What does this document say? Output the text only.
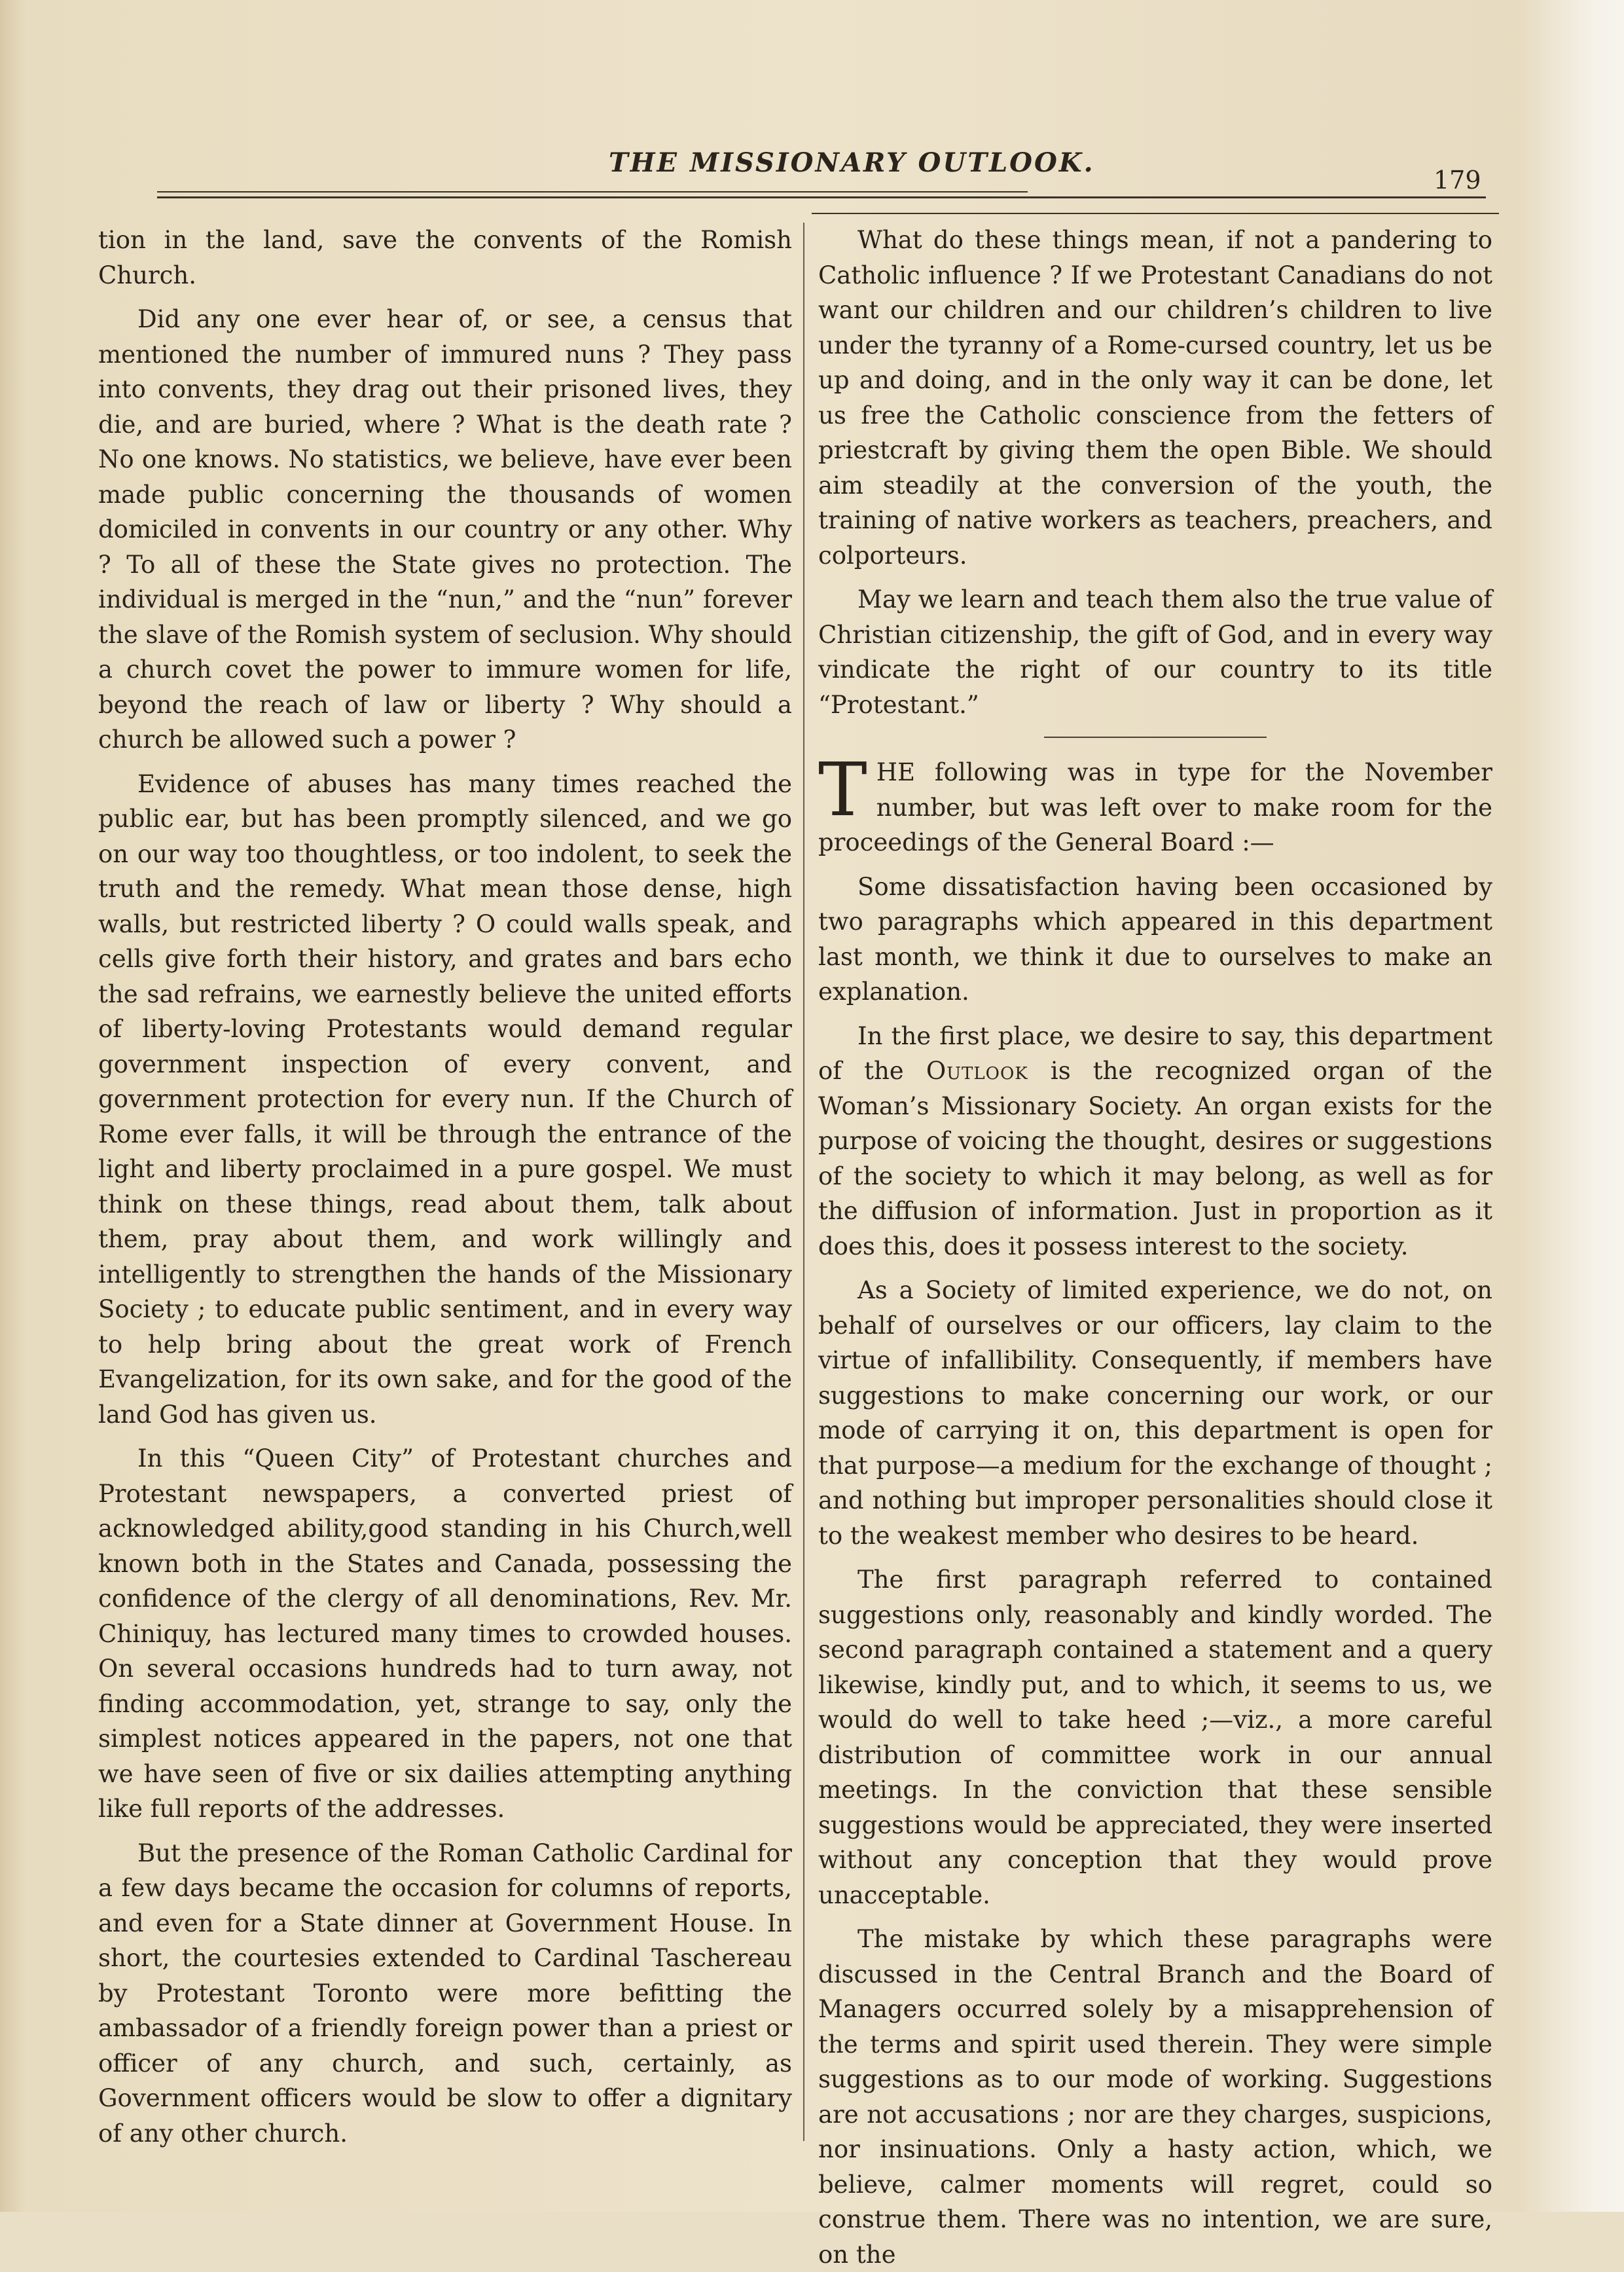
THE MISSIONARY OUTLOOK.
179

tion in the land, save the convents of the Romish Church.

Did any one ever hear of, or see, a census that mentioned the number of immured nuns ? They pass into convents, they drag out their prisoned lives, they die, and are buried, where ? What is the death rate ? No one knows. No statistics, we believe, have ever been made public concerning the thousands of women domiciled in convents in our country or any other. Why ? To all of these the State gives no protection. The individual is merged in the “nun,” and the “nun” forever the slave of the Romish system of seclusion. Why should a church covet the power to immure women for life, beyond the reach of law or liberty ? Why should a church be allowed such a power ?

Evidence of abuses has many times reached the public ear, but has been promptly silenced, and we go on our way too thoughtless, or too indolent, to seek the truth and the remedy. What mean those dense, high walls, but restricted liberty ? O could walls speak, and cells give forth their history, and grates and bars echo the sad refrains, we earnestly believe the united efforts of liberty-loving Protestants would demand regular government inspection of every convent, and government protection for every nun. If the Church of Rome ever falls, it will be through the entrance of the light and liberty proclaimed in a pure gospel. We must think on these things, read about them, talk about them, pray about them, and work willingly and intelligently to strengthen the hands of the Missionary Society ; to educate public sentiment, and in every way to help bring about the great work of French Evangelization, for its own sake, and for the good of the land God has given us.

In this “Queen City” of Protestant churches and Protestant newspapers, a converted priest of acknowledged ability,good standing in his Church,well known both in the States and Canada, possessing the confidence of the clergy of all denominations, Rev. Mr. Chiniquy, has lectured many times to crowded houses. On several occasions hundreds had to turn away, not finding accommodation, yet, strange to say, only the simplest notices appeared in the papers, not one that we have seen of five or six dailies attempting anything like full reports of the addresses.

But the presence of the Roman Catholic Cardinal for a few days became the occasion for columns of reports, and even for a State dinner at Government House. In short, the courtesies extended to Cardinal Taschereau by Protestant Toronto were more befitting the ambassador of a friendly foreign power than a priest or officer of any church, and such, certainly, as Government officers would be slow to offer a dignitary of any other church.

What do these things mean, if not a pandering to Catholic influence ? If we Protestant Canadians do not want our children and our children’s children to live under the tyranny of a Rome-cursed country, let us be up and doing, and in the only way it can be done, let us free the Catholic conscience from the fetters of priestcraft by giving them the open Bible. We should aim steadily at the conversion of the youth, the training of native workers as teachers, preachers, and colporteurs.

May we learn and teach them also the true value of Christian citizenship, the gift of God, and in every way vindicate the right of our country to its title “Protestant.”

THE following was in type for the November number, but was left over to make room for the proceedings of the General Board :—

Some dissatisfaction having been occasioned by two paragraphs which appeared in this department last month, we think it due to ourselves to make an explanation.

In the first place, we desire to say, this department of the Outlook is the recognized organ of the Woman’s Missionary Society. An organ exists for the purpose of voicing the thought, desires or suggestions of the society to which it may belong, as well as for the diffusion of information. Just in proportion as it does this, does it possess interest to the society.

As a Society of limited experience, we do not, on behalf of ourselves or our officers, lay claim to the virtue of infallibility. Consequently, if members have suggestions to make concerning our work, or our mode of carrying it on, this department is open for that purpose—a medium for the exchange of thought ; and nothing but improper personalities should close it to the weakest member who desires to be heard.

The first paragraph referred to contained suggestions only, reasonably and kindly worded. The second paragraph contained a statement and a query likewise, kindly put, and to which, it seems to us, we would do well to take heed ;—viz., a more careful distribution of committee work in our annual meetings. In the conviction that these sensible suggestions would be appreciated, they were inserted without any conception that they would prove unacceptable.

The mistake by which these paragraphs were discussed in the Central Branch and the Board of Managers occurred solely by a misapprehension of the terms and spirit used therein. They were simple suggestions as to our mode of working. Suggestions are not accusations ; nor are they charges, suspicions, nor insinuations. Only a hasty action, which, we believe, calmer moments will regret, could so construe them. There was no intention, we are sure, on the
